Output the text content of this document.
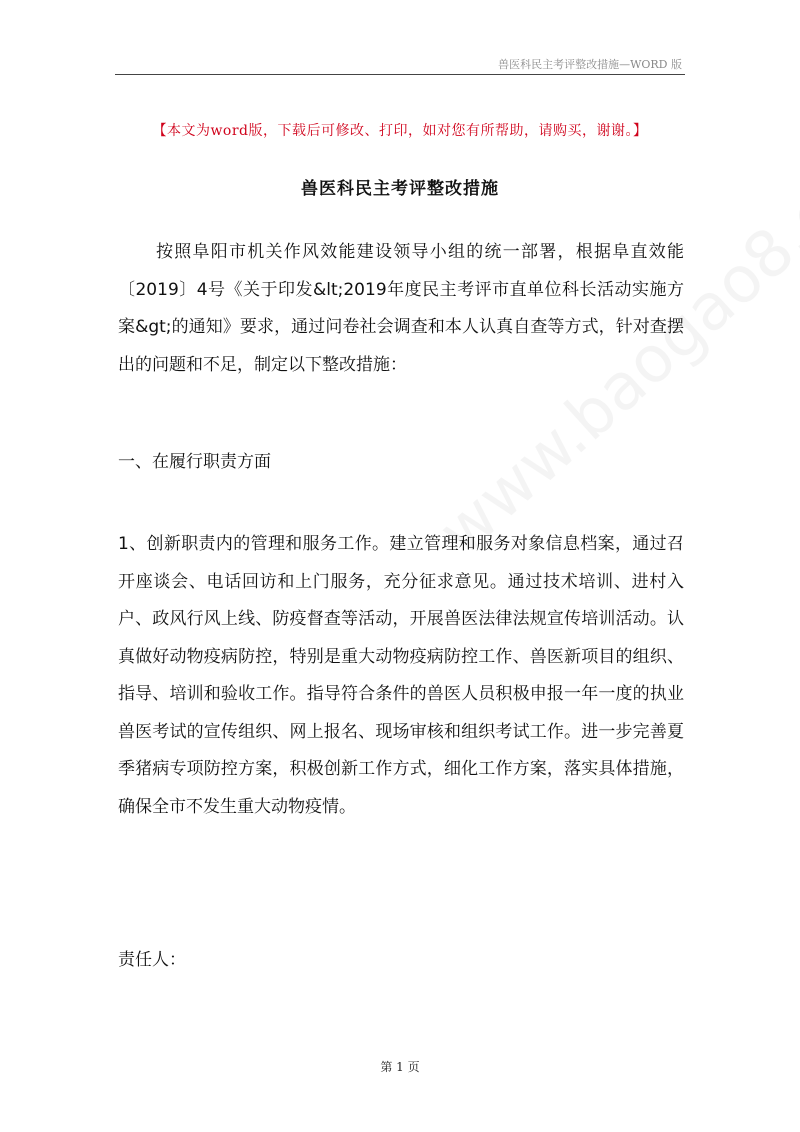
兽医科民主考评整改措施—WORD 版
【本文为word版，下载后可修改、打印，如对您有所帮助，请购买，谢谢。】
兽医科民主考评整改措施

按照阜阳市机关作风效能建设领导小组的统一部署，根据阜直效能〔2019〕4号《关于印发&lt;2019年度民主考评市直单位科长活动实施方案&gt;的通知》要求，通过问卷社会调查和本人认真自查等方式，针对查摆出的问题和不足，制定以下整改措施：

一、在履行职责方面

1、创新职责内的管理和服务工作。建立管理和服务对象信息档案，通过召开座谈会、电话回访和上门服务，充分征求意见。通过技术培训、进村入户、政风行风上线、防疫督查等活动，开展兽医法律法规宣传培训活动。认真做好动物疫病防控，特别是重大动物疫病防控工作、兽医新项目的组织、指导、培训和验收工作。指导符合条件的兽医人员积极申报一年一度的执业兽医考试的宣传组织、网上报名、现场审核和组织考试工作。进一步完善夏季猪病专项防控方案，积极创新工作方式，细化工作方案，落实具体措施，确保全市不发生重大动物疫情。

责任人：

第 1 页
